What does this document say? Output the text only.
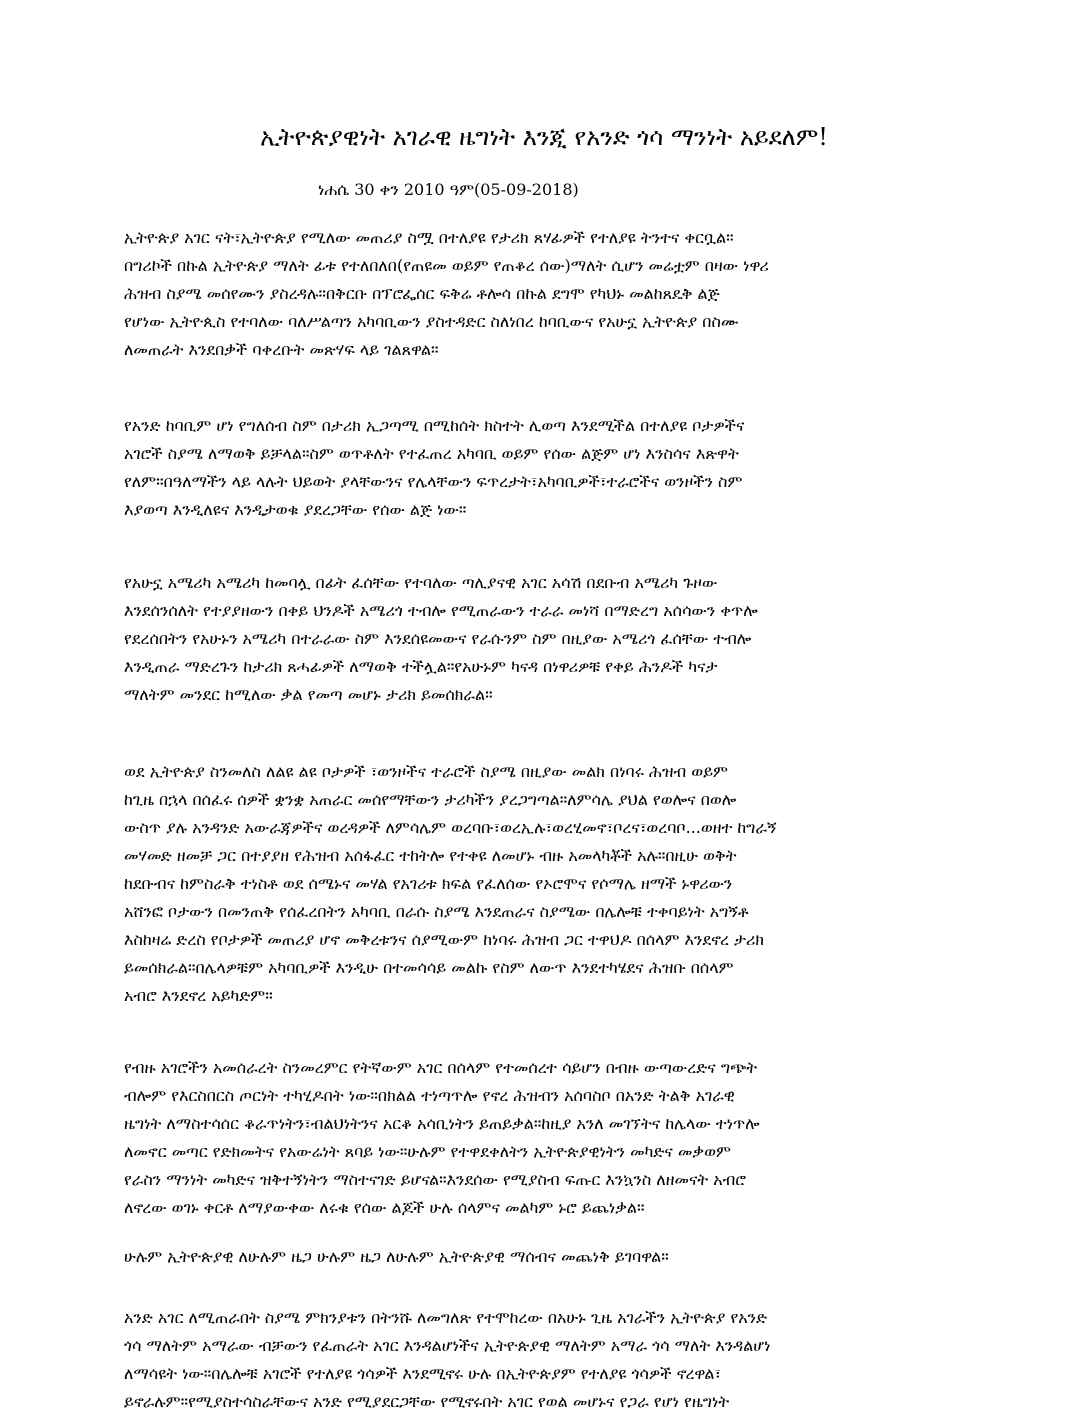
ኢትዮጵያዊነት አገራዊ ዜግነት እንጂ የአንድ ጎሳ ማንነት አይደለም!

ነሐሴ 30 ቀን 2010 ዓም(05-09-2018)

ኢትዮጵያ አገር ናት፣ኢትዮጵያ የሚለው መጠሪያ ስሟ በተለያዩ የታሪክ ጸሃፊዎች የተለያዩ ትንተና ቀርቧል።
በግሪኮች በኩል ኢትዮጵያ ማለት ፊቱ የተለበለበ(የጠዩመ ወይም የጠቆረ ሰው)ማለት ሲሆን መሬቷም በዛው ነዋሪ
ሕዝብ ስያሜ መሰየሙን ያስረዳሉ።በቅርቡ በፕሮፌሰር ፍቅሬ ቶሎሳ በኩል ደግሞ የካህኑ መልከጸዴቅ ልጅ
የሆነው ኢትዮጲስ የተባለው ባለሥልጣን አካባቢውን ያስተዳድር ስለነበረ ከባቢውና የአሁኗ ኢትዮጵያ በስሙ
ለመጠራት እንደበቃች ባቀረቡት መጽሃፍ ላይ ገልጸዋል።
የአንድ ከባቢም ሆነ የግለሰብ ስም በታሪክ ኢጋጣሚ በሚከሰት ክስተት ሊወጣ እንደሚችል በተለያዩ ቦታዎችና
አገሮች ስያሜ ለማወቅ ይቻላል።ስም ወጥቶለት የተፈጠረ አካባቢ ወይም የሰው ልጅም ሆነ እንስሳና እጽዋት
የለም።በዓለማችን ላይ ላሉት ህይወት ያላቸውንና የሌላቸውን ፍጥረታት፣አካባቢዎች፣ተራሮችና ወንዞችን ስም
እያወጣ እንዲለዩና እንዲታወቁ ያደረጋቸው የሰው ልጅ ነው።
የአሁኗ አሜሪካ አሜሪካ ከመባሏ በፊት ፈሰቸው የተባለው ጣሊያናዊ አገር አሳሽ በደቡብ አሜሪካ ጉዞው
እንደሰንሰለት የተያያዘውን በቀይ ህንዶች አሜሪጎ ተብሎ የሚጠራውን ተራራ መነሻ በማድረግ አሰሳውን ቀጥሎ
የደረሰበትን የአሁኑን አሜሪካ በተራራው ስም እንደሰዩመውና የራሱንም ስም በዚያው አሜሪጎ ፈሰቸው ተብሎ
እንዲጠራ ማድረጉን ከታሪክ ጸሓፊዎች ለማወቅ ተችሏል።የአሁኑም ካናዳ በነዋሪዎቹ የቀይ ሕንዶች ካናታ
ማለትም መንደር ከሚለው ቃል የመጣ መሆኑ ታሪክ ይመሰክራል።
ወደ ኢትዮጵያ ስንመለስ ለልዩ ልዩ ቦታዎች ፣ወንዞችና ተራሮች ስያሜ በዚያው መልክ በነባሩ ሕዝብ ወይም
ከጊዜ በኋላ በሰፈሩ ሰዎች ቋንቋ አጠራር መሰየማቸውን ታሪካችን ያረጋግጣል።ለምሳሌ ያህል የወሎና በወሎ
ውስጥ ያሉ አንዳንድ አውራጃዎችና ወረዳዎች ለምሳሌም ወረባቡ፣ወረኢሉ፣ወረሂመኖ፣ቦረና፣ወረባቦ...ወዘተ ከግራኝ
መሃመድ ዘመቻ ጋር በተያያዘ የሕዝብ አሰፋፈር ተከትሎ የተቀዩ ለመሆኑ ብዙ አመላካቾች አሉ።በዚሁ ወቅት
ከደቡብና ከምስራቅ ተነስቶ ወደ ሰሜኑና መሃል የአገሪቱ ክፍል የፈለሰው የኦሮሞና የሶማሌ ዘማች ኑዋሪውን
አሸንፎ ቦታውን በመንጠቅ የሰፈረበትን አካባቢ በራሱ ስያሜ እንደጠራና ስያሜው በሌሎቹ ተቀባይነት አግኝቶ
እስከዛሬ ድረስ የቦታዎች መጠሪያ ሆኖ መቅረቱንና ሰያሚውም ከነባሩ ሕዝብ ጋር ተዋህዶ በሰላም እንደኖረ ታሪክ
ይመሰክራል።በሌላዎቹም አካባቢዎች እንዲሁ በተመሳሳይ መልኩ የስም ለውጥ እንደተካሄደና ሕዝቡ በሰላም
አብሮ እንደኖረ አይካድም።
የብዙ አገሮችን አመሰራረት ስንመረምር የትኛውም አገር በሰላም የተመሰረተ ሳይሆን በብዙ ውጣውረድና ግጭት
ብሎም የእርስበርስ ጦርነት ተካሂዶበት ነው።በክልል ተነጣጥሎ የኖረ ሕዝብን አሰባስቦ በአንድ ትልቅ አገራዊ
ዜግነት ለማስተሳሰር ቆራጥነትን፣ብልህነትንና አርቆ አሳቢነትን ይጠይቃል።ከዚያ አንለ መገኘትና ከሌላው ተነጥሎ
ለመኖር መጣር የድክመትና የአውሬነት ጸባይ ነው።ሁሉም የተዋደቀለትን ኢትዮጵያዊነትን መካድና መቃወም
የራስን ማንነት መካድና ዝቅተኝነትን ማስተናገድ ይሆናል።እንደሰው የሚያስብ ፍጡር እንኳንስ ለዘመናት አብሮ
ለኖረው ወገኑ ቀርቶ ለማያውቀው ለሩቁ የሰው ልጆች ሁሉ ሰላምና መልካም ኑሮ ይጨነቃል።
ሁሉም ኢትዮጵያዊ ለሁሉም ዜጋ ሁሉም ዜጋ ለሁሉም ኢትዮጵያዊ ማሰብና መጨነቅ ይገባዋል።
አንድ አገር ለሚጠራበት ስያሜ ምክንያቱን በትንሹ ለመግለጽ የተሞከረው በአሁኑ ጊዜ አገራችን ኢትዮጵያ የአንድ
ጎሳ ማለትም አማራው ብቻውን የፈጠራት አገር እንዳልሆነችና ኢትዮጵያዊ ማለትም አማራ ጎሳ ማለት እንዳልሆነ
ለማሳዩት ነው።በሌሎቹ አገሮች የተለያዩ ጎሳዎች እንደሚኖሩ ሁሉ በኢትዮጵያም የተለያዩ ጎሳዎች ኖረዋል፣
ይኖራሉም።የሚያስተሳስራቸውና አንድ የሚያደርጋቸው የሚኖሩበት አገር የወል መሆኑና የጋራ የሆነ የዜግነት
